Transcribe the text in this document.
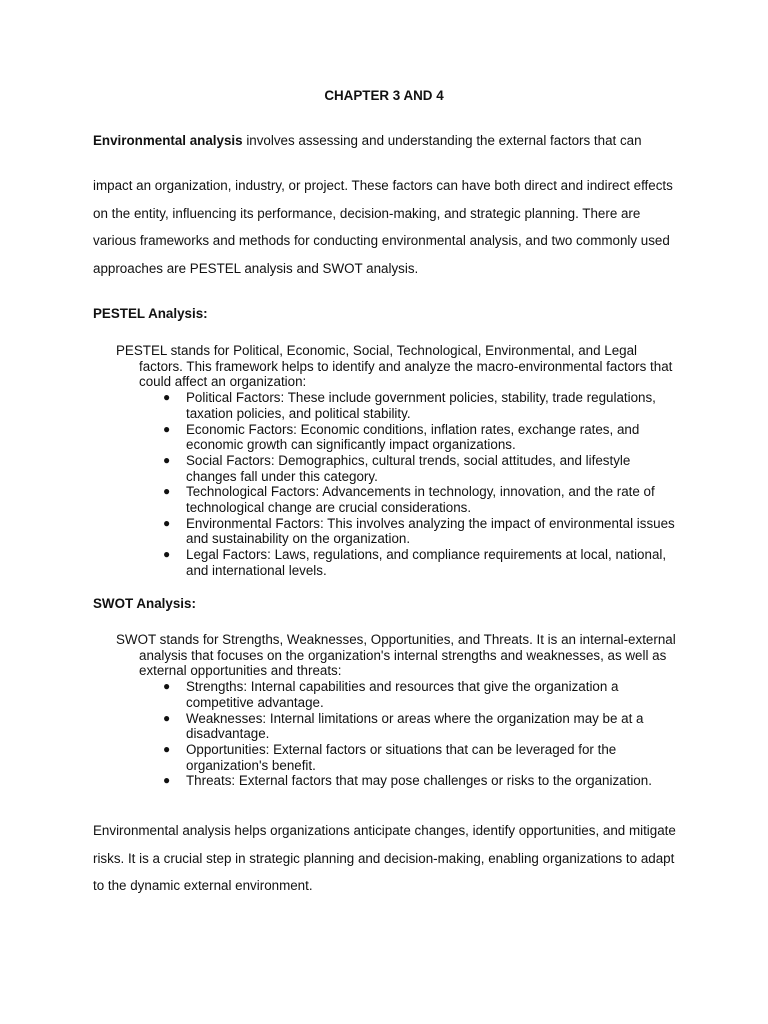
CHAPTER 3 AND 4
Environmental analysis involves assessing and understanding the external factors that can
impact an organization, industry, or project. These factors can have both direct and indirect effects on the entity, influencing its performance, decision-making, and strategic planning. There are various frameworks and methods for conducting environmental analysis, and two commonly used approaches are PESTEL analysis and SWOT analysis.
PESTEL Analysis:

PESTEL stands for Political, Economic, Social, Technological, Environmental, and Legal factors. This framework helps to identify and analyze the macro-environmental factors that could affect an organization:

● Political Factors: These include government policies, stability, trade regulations, taxation policies, and political stability.
● Economic Factors: Economic conditions, inflation rates, exchange rates, and economic growth can significantly impact organizations.
● Social Factors: Demographics, cultural trends, social attitudes, and lifestyle changes fall under this category.
● Technological Factors: Advancements in technology, innovation, and the rate of technological change are crucial considerations.
● Environmental Factors: This involves analyzing the impact of environmental issues and sustainability on the organization.
● Legal Factors: Laws, regulations, and compliance requirements at local, national, and international levels.
SWOT Analysis:

SWOT stands for Strengths, Weaknesses, Opportunities, and Threats. It is an internal-external analysis that focuses on the organization's internal strengths and weaknesses, as well as external opportunities and threats:

● Strengths: Internal capabilities and resources that give the organization a competitive advantage.
● Weaknesses: Internal limitations or areas where the organization may be at a disadvantage.
● Opportunities: External factors or situations that can be leveraged for the organization's benefit.
● Threats: External factors that may pose challenges or risks to the organization.
Environmental analysis helps organizations anticipate changes, identify opportunities, and mitigate risks. It is a crucial step in strategic planning and decision-making, enabling organizations to adapt to the dynamic external environment.
